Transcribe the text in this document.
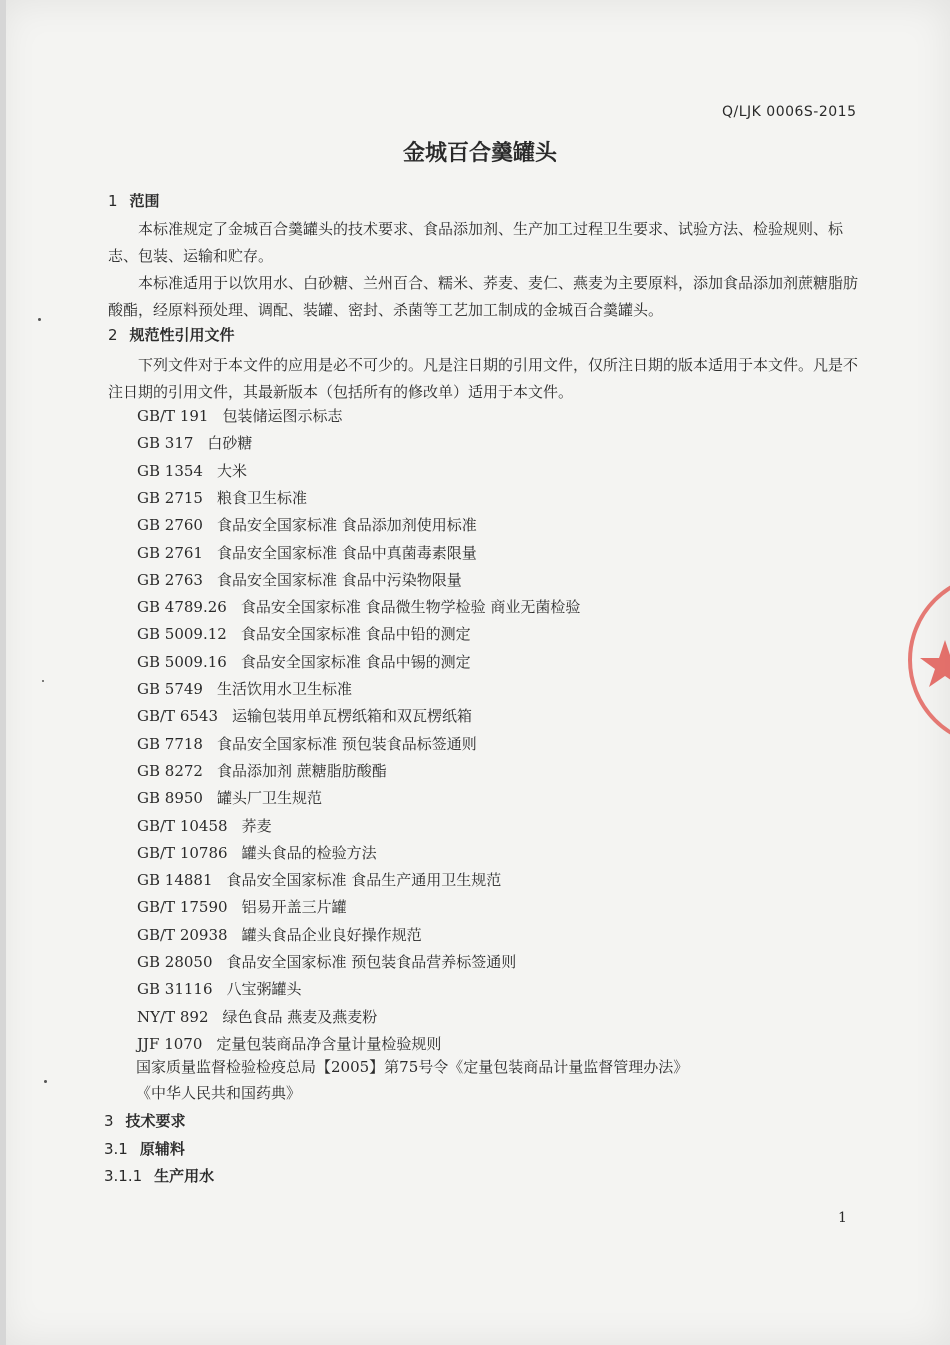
Q/LJK 0006S-2015
金城百合羹罐头
1 范围
本标准规定了金城百合羹罐头的技术要求、食品添加剂、生产加工过程卫生要求、试验方法、检验规则、标志、包装、运输和贮存。
本标准适用于以饮用水、白砂糖、兰州百合、糯米、荞麦、麦仁、燕麦为主要原料，添加食品添加剂蔗糖脂肪酸酯，经原料预处理、调配、装罐、密封、杀菌等工艺加工制成的金城百合羹罐头。
2 规范性引用文件
下列文件对于本文件的应用是必不可少的。凡是注日期的引用文件，仅所注日期的版本适用于本文件。凡是不注日期的引用文件，其最新版本（包括所有的修改单）适用于本文件。
GB/T 191 包装储运图示标志
GB 317 白砂糖
GB 1354 大米
GB 2715 粮食卫生标准
GB 2760 食品安全国家标准 食品添加剂使用标准
GB 2761 食品安全国家标准 食品中真菌毒素限量
GB 2763 食品安全国家标准 食品中污染物限量
GB 4789.26 食品安全国家标准 食品微生物学检验 商业无菌检验
GB 5009.12 食品安全国家标准 食品中铅的测定
GB 5009.16 食品安全国家标准 食品中锡的测定
GB 5749 生活饮用水卫生标准
GB/T 6543 运输包装用单瓦楞纸箱和双瓦楞纸箱
GB 7718 食品安全国家标准 预包装食品标签通则
GB 8272 食品添加剂 蔗糖脂肪酸酯
GB 8950 罐头厂卫生规范
GB/T 10458 荞麦
GB/T 10786 罐头食品的检验方法
GB 14881 食品安全国家标准 食品生产通用卫生规范
GB/T 17590 铝易开盖三片罐
GB/T 20938 罐头食品企业良好操作规范
GB 28050 食品安全国家标准 预包装食品营养标签通则
GB 31116 八宝粥罐头
NY/T 892 绿色食品 燕麦及燕麦粉
JJF 1070 定量包装商品净含量计量检验规则
国家质量监督检验检疫总局【2005】第75号令《定量包装商品计量监督管理办法》
《中华人民共和国药典》
3 技术要求
3.1 原辅料
3.1.1 生产用水
1
